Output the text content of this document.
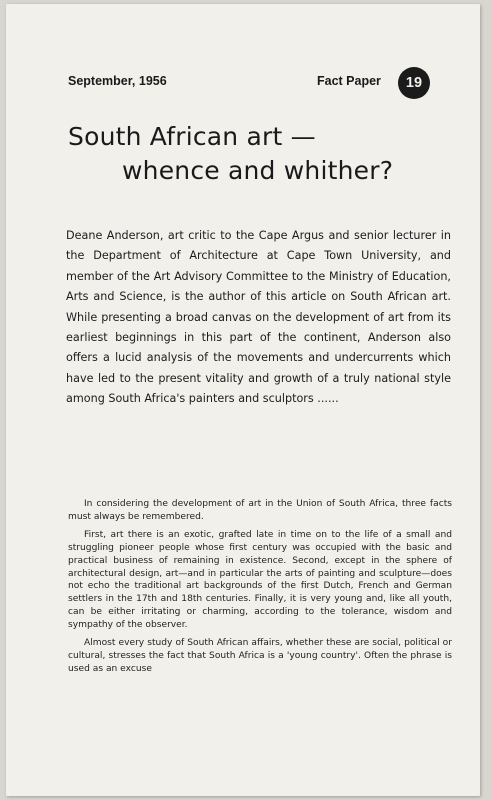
September, 1956	Fact Paper	19
South African art —
whence and whither?
Deane Anderson, art critic to the Cape Argus and senior lecturer in the Department of Architecture at Cape Town University, and member of the Art Advisory Committee to the Ministry of Education, Arts and Science, is the author of this article on South African art. While presenting a broad canvas on the development of art from its earliest beginnings in this part of the continent, Anderson also offers a lucid analysis of the movements and undercurrents which have led to the present vitality and growth of a truly national style among South Africa's painters and sculptors ......

In considering the development of art in the Union of South Africa, three facts must always be remembered.

First, art there is an exotic, grafted late in time on to the life of a small and struggling pioneer people whose first century was occupied with the basic and practical business of remaining in existence. Second, except in the sphere of architectural design, art—and in particular the arts of painting and sculpture—does not echo the traditional art backgrounds of the first Dutch, French and German settlers in the 17th and 18th centuries. Finally, it is very young and, like all youth, can be either irritating or charming, according to the tolerance, wisdom and sympathy of the observer.

Almost every study of South African affairs, whether these are social, political or cultural, stresses the fact that South Africa is a 'young country'. Often the phrase is used as an excuse
